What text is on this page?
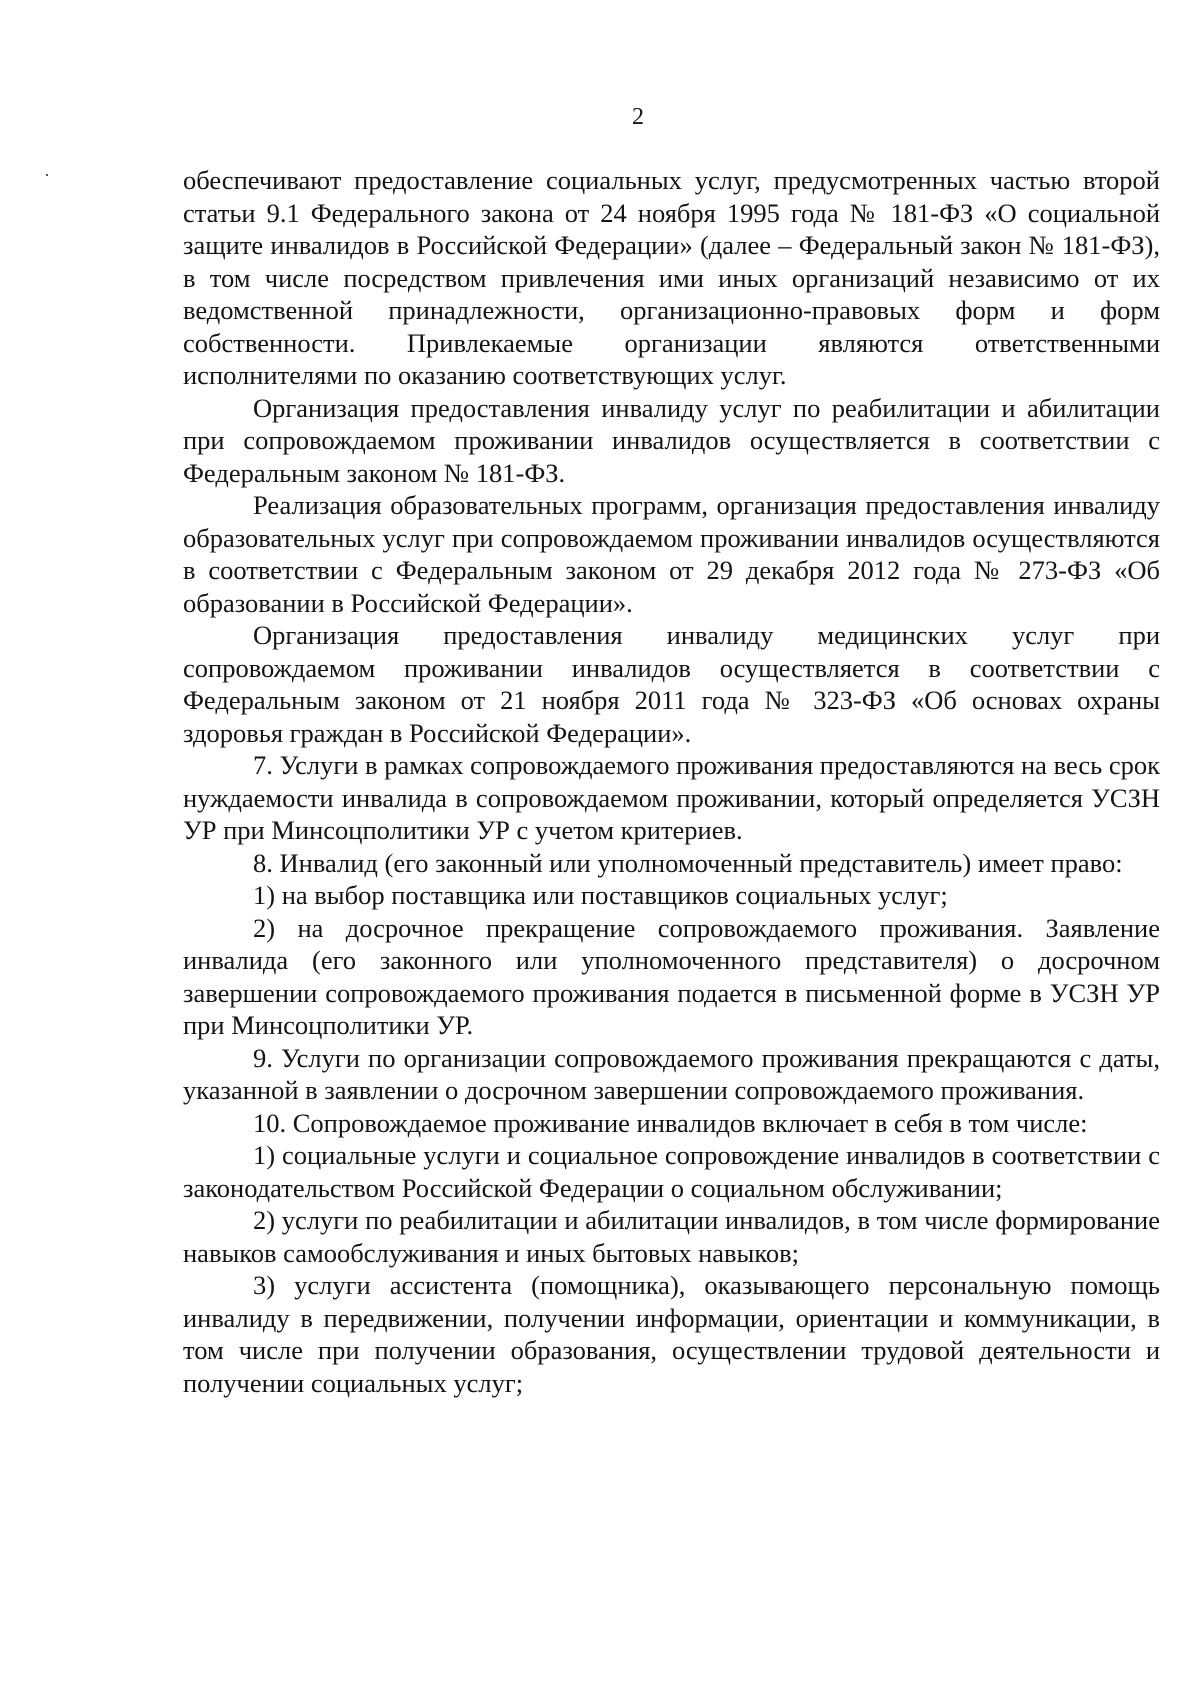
2

обеспечивают предоставление социальных услуг, предусмотренных частью второй статьи 9.1 Федерального закона от 24 ноября 1995 года № 181-ФЗ «О социальной защите инвалидов в Российской Федерации» (далее – Федеральный закон № 181-ФЗ), в том числе посредством привлечения ими иных организаций независимо от их ведомственной принадлежности, организационно-правовых форм и форм собственности. Привлекаемые организации являются ответственными исполнителями по оказанию соответствующих услуг.

Организация предоставления инвалиду услуг по реабилитации и абилитации при сопровождаемом проживании инвалидов осуществляется в соответствии с Федеральным законом № 181-ФЗ.

Реализация образовательных программ, организация предоставления инвалиду образовательных услуг при сопровождаемом проживании инвалидов осуществляются в соответствии с Федеральным законом от 29 декабря 2012 года № 273-ФЗ «Об образовании в Российской Федерации».

Организация предоставления инвалиду медицинских услуг при сопровождаемом проживании инвалидов осуществляется в соответствии с Федеральным законом от 21 ноября 2011 года № 323-ФЗ «Об основах охраны здоровья граждан в Российской Федерации».

7. Услуги в рамках сопровождаемого проживания предоставляются на весь срок нуждаемости инвалида в сопровождаемом проживании, который определяется УСЗН УР при Минсоцполитики УР с учетом критериев.

8. Инвалид (его законный или уполномоченный представитель) имеет право:

1) на выбор поставщика или поставщиков социальных услуг;

2) на досрочное прекращение сопровождаемого проживания. Заявление инвалида (его законного или уполномоченного представителя) о досрочном завершении сопровождаемого проживания подается в письменной форме в УСЗН УР при Минсоцполитики УР.

9. Услуги по организации сопровождаемого проживания прекращаются с даты, указанной в заявлении о досрочном завершении сопровождаемого проживания.

10. Сопровождаемое проживание инвалидов включает в себя в том числе:

1) социальные услуги и социальное сопровождение инвалидов в соответствии с законодательством Российской Федерации о социальном обслуживании;

2) услуги по реабилитации и абилитации инвалидов, в том числе формирование навыков самообслуживания и иных бытовых навыков;

3) услуги ассистента (помощника), оказывающего персональную помощь инвалиду в передвижении, получении информации, ориентации и коммуникации, в том числе при получении образования, осуществлении трудовой деятельности и получении социальных услуг;
